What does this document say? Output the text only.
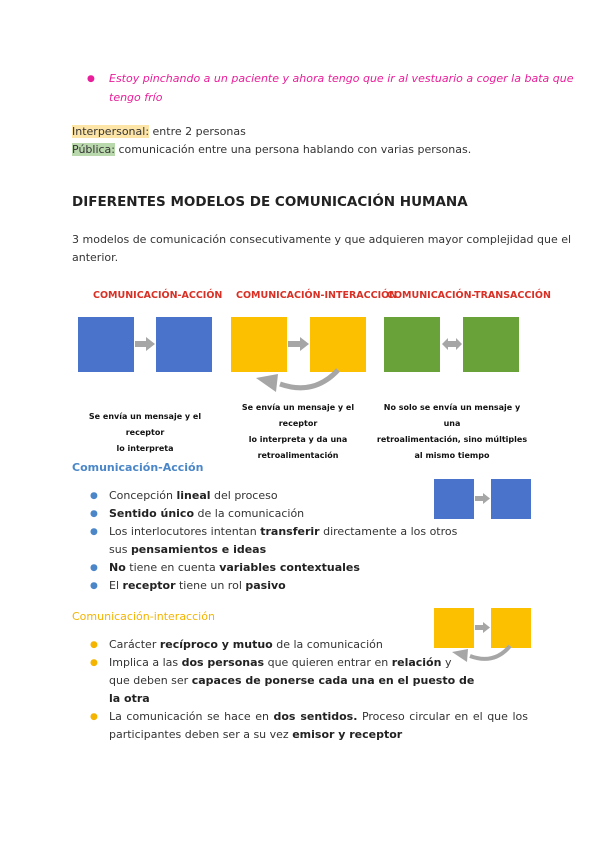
● Estoy pinchando a un paciente y ahora tengo que ir al vestuario a coger la bata que
tengo frío
Interpersonal: entre 2 personas
Pública: comunicación entre una persona hablando con varias personas.
DIFERENTES MODELOS DE COMUNICACIÓN HUMANA
3 modelos de comunicación consecutivamente y que adquieren mayor complejidad que el
anterior.
COMUNICACIÓN-ACCIÓN COMUNICACIÓN-INTERACCIÓN
COMUNICACIÓN-TRANSACCIÓN
Se envía un mensaje y el receptor
lo interpreta
Se envía un mensaje y el receptor
lo interpreta y da una
retroalimentación
No solo se envía un mensaje y una
retroalimentación, sino múltiples
al mismo tiempo
Comunicación-Acción
● Concepción lineal del proceso
● Sentido único de la comunicación
● Los interlocutores intentan transferir directamente a los otros
sus pensamientos e ideas
● No tiene en cuenta variables contextuales
● El receptor tiene un rol pasivo
Comunicación-interacción
● Carácter recíproco y mutuo de la comunicación
● Implica a las dos personas que quieren entrar en relación y
que deben ser capaces de ponerse cada una en el puesto de
la otra
● La comunicación se hace en dos sentidos. Proceso circular en el que los
participantes deben ser a su vez emisor y receptor
